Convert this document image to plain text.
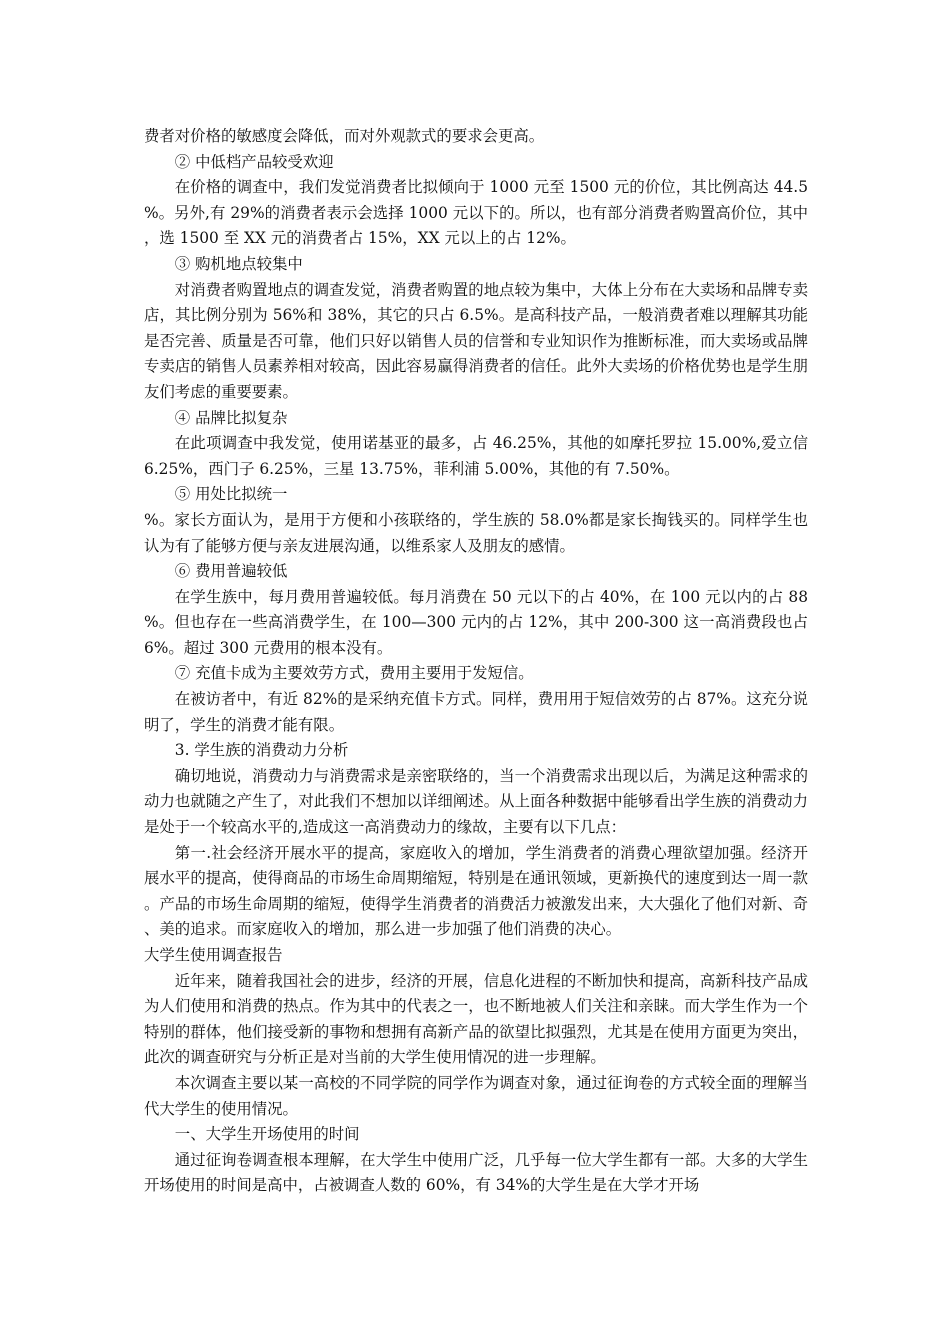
费者对价格的敏感度会降低，而对外观款式的要求会更高。

② 中低档产品较受欢迎

在价格的调查中，我们发觉消费者比拟倾向于 1000 元至 1500 元的价位，其比例高达 44.5%。另外,有 29%的消费者表示会选择 1000 元以下的。所以，也有部分消费者购置高价位，其中，选 1500 至 XX 元的消费者占 15%，XX 元以上的占 12%。

③ 购机地点较集中

对消费者购置地点的调查发觉，消费者购置的地点较为集中，大体上分布在大卖场和品牌专卖店，其比例分别为 56%和 38%，其它的只占 6.5%。是高科技产品，一般消费者难以理解其功能是否完善、质量是否可靠，他们只好以销售人员的信誉和专业知识作为推断标准，而大卖场或品牌专卖店的销售人员素养相对较高，因此容易赢得消费者的信任。此外大卖场的价格优势也是学生朋友们考虑的重要要素。

④ 品牌比拟复杂

在此项调查中我发觉，使用诺基亚的最多，占 46.25%，其他的如摩托罗拉 15.00%,爱立信 6.25%，西门子 6.25%，三星 13.75%，菲利浦 5.00%，其他的有 7.50%。

⑤ 用处比拟统一

%。家长方面认为，是用于方便和小孩联络的，学生族的 58.0%都是家长掏钱买的。同样学生也认为有了能够方便与亲友进展沟通，以维系家人及朋友的感情。

⑥ 费用普遍较低

在学生族中，每月费用普遍较低。每月消费在 50 元以下的占 40%，在 100 元以内的占 88%。但也存在一些高消费学生，在 100—300 元内的占 12%，其中 200-300 这一高消费段也占 6%。超过 300 元费用的根本没有。

⑦ 充值卡成为主要效劳方式，费用主要用于发短信。

在被访者中，有近 82%的是采纳充值卡方式。同样，费用用于短信效劳的占 87%。这充分说明了，学生的消费才能有限。

3. 学生族的消费动力分析

确切地说，消费动力与消费需求是亲密联络的，当一个消费需求出现以后，为满足这种需求的动力也就随之产生了，对此我们不想加以详细阐述。从上面各种数据中能够看出学生族的消费动力是处于一个较高水平的,造成这一高消费动力的缘故，主要有以下几点：

第一.社会经济开展水平的提高，家庭收入的增加，学生消费者的消费心理欲望加强。经济开展水平的提高，使得商品的市场生命周期缩短，特别是在通讯领域，更新换代的速度到达一周一款。产品的市场生命周期的缩短，使得学生消费者的消费活力被激发出来，大大强化了他们对新、奇、美的追求。而家庭收入的增加，那么进一步加强了他们消费的决心。

大学生使用调查报告

近年来，随着我国社会的进步，经济的开展，信息化进程的不断加快和提高，高新科技产品成为人们使用和消费的热点。作为其中的代表之一，也不断地被人们关注和亲睐。而大学生作为一个特别的群体，他们接受新的事物和想拥有高新产品的欲望比拟强烈，尤其是在使用方面更为突出，此次的调查研究与分析正是对当前的大学生使用情况的进一步理解。

本次调查主要以某一高校的不同学院的同学作为调查对象，通过征询卷的方式较全面的理解当代大学生的使用情况。

一、大学生开场使用的时间

通过征询卷调查根本理解，在大学生中使用广泛，几乎每一位大学生都有一部。大多的大学生开场使用的时间是高中，占被调查人数的 60%，有 34%的大学生是在大学才开场
